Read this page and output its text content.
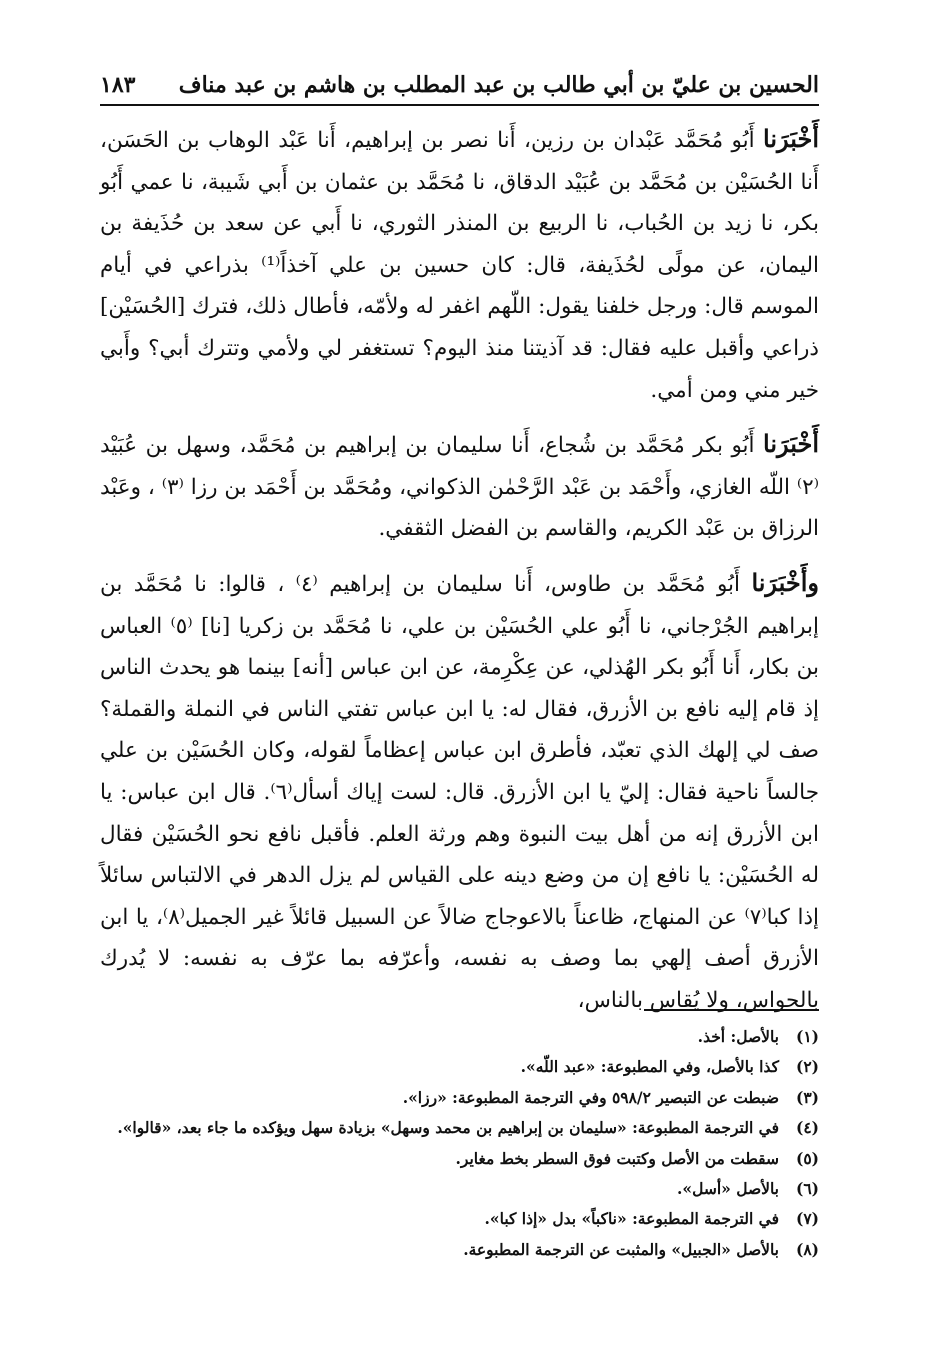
الحسين بن عليّ بن أبي طالب بن عبد المطلب بن هاشم بن عبد مناف
١٨٣

أَخْبَرَنا أَبُو مُحَمَّد عَبْدان بن رزين، أَنا نصر بن إبراهيم، أَنا عَبْد الوهاب بن الحَسَن، أَنا الحُسَيْن بن مُحَمَّد بن عُبَيْد الدقاق، نا مُحَمَّد بن عثمان بن أَبي شَيبة، نا عمي أَبُو بكر، نا زيد بن الحُباب، نا الربيع بن المنذر الثوري، نا أَبي عن سعد بن حُذَيفة بن اليمان، عن مولًى لحُذَيفة، قال: كان حسين بن علي آخذاً⁽¹⁾ بذراعي في أيام الموسم قال: ورجل خلفنا يقول: اللّهم اغفر له ولأمّه، فأطال ذلك، فترك [الحُسَيْن] ذراعي وأقبل عليه فقال: قد آذيتنا منذ اليوم؟ تستغفر لي ولأمي وتترك أبي؟ وأَبي خير مني ومن أمي.

أَخْبَرَنا أَبُو بكر مُحَمَّد بن شُجاع، أَنا سليمان بن إبراهيم بن مُحَمَّد، وسهل بن عُبَيْد ⁽٢⁾ اللّه الغازي، وأَحْمَد بن عَبْد الرَّحْمٰن الذكواني، ومُحَمَّد بن أَحْمَد بن رزا ⁽٣⁾ ، وعَبْد الرزاق بن عَبْد الكريم، والقاسم بن الفضل الثقفي.

وأَخْبَرَنا أَبُو مُحَمَّد بن طاوس، أَنا سليمان بن إبراهيم ⁽٤⁾ ، قالوا: نا مُحَمَّد بن إبراهيم الجُرْجاني، نا أَبُو علي الحُسَيْن بن علي، نا مُحَمَّد بن زكريا [نا] ⁽٥⁾ العباس بن بكار، أَنا أَبُو بكر الهُذلي، عن عِكْرِمة، عن ابن عباس [أنه] بينما هو يحدث الناس إذ قام إليه نافع بن الأزرق، فقال له: يا ابن عباس تفتي الناس في النملة والقملة؟ صف لي إلهك الذي تعبّد، فأطرق ابن عباس إعظاماً لقوله، وكان الحُسَيْن بن علي جالساً ناحية فقال: إليّ يا ابن الأزرق. قال: لست إياك أسأل⁽٦⁾. قال ابن عباس: يا ابن الأزرق إنه من أهل بيت النبوة وهم ورثة العلم. فأقبل نافع نحو الحُسَيْن فقال له الحُسَيْن: يا نافع إن من وضع دينه على القياس لم يزل الدهر في الالتباس سائلاً إذا كبا⁽٧⁾ عن المنهاج، ظاعناً بالاعوجاج ضالاً عن السبيل قائلاً غير الجميل⁽٨⁾، يا ابن الأزرق أصف إلهي بما وصف به نفسه، وأعرّفه بما عرّف به نفسه: لا يُدرك بالحواس، ولا يُقاس بالناس،

(١)
بالأصل: أخذ.
(٢)
كذا بالأصل، وفي المطبوعة: «عبد اللّه».
(٣)
ضبطت عن التبصير ٥٩٨/٢ وفي الترجمة المطبوعة: «رزا».
(٤)
في الترجمة المطبوعة: «سليمان بن إبراهيم بن محمد وسهل» بزيادة سهل ويؤكده ما جاء بعد، «قالوا».
(٥)
سقطت من الأصل وكتبت فوق السطر بخط مغاير.
(٦)
بالأصل «أسل».
(٧)
في الترجمة المطبوعة: «ناكباً» بدل «إذا كبا».
(٨)
بالأصل «الجبيل» والمثبت عن الترجمة المطبوعة.
